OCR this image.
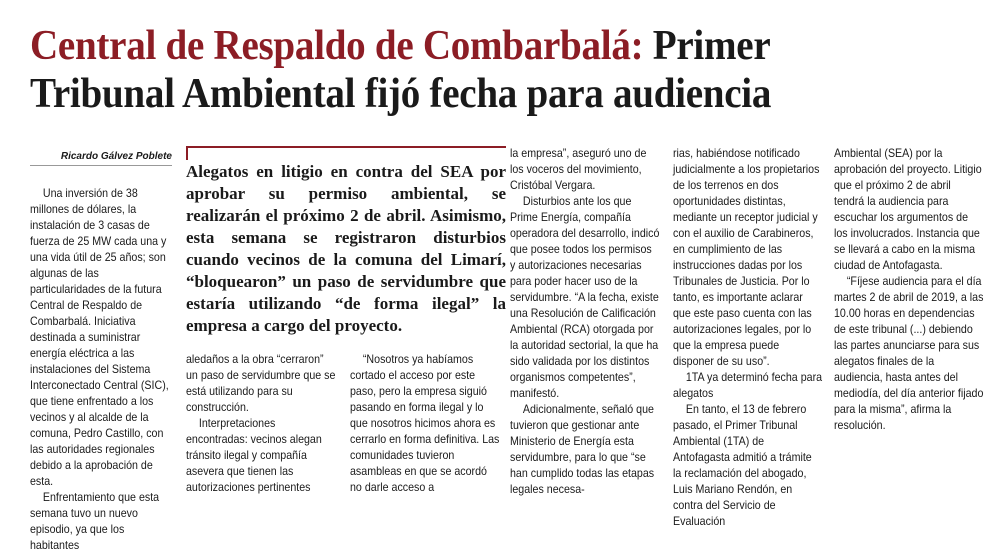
Central de Respaldo de Combarbalá: Primer
Tribunal Ambiental fijó fecha para audiencia
Ricardo Gálvez Poblete

Alegatos en litigio en contra del SEA por aprobar su permiso ambiental, se realizarán el próximo 2 de abril. Asimismo, esta semana se registraron disturbios cuando vecinos de la comuna del Limarí, “bloquearon” un paso de servidumbre que estaría utilizando “de forma ilegal” la empresa a cargo del proyecto.

Una inversión de 38 millones de dólares, la instalación de 3 casas de fuerza de 25 MW cada una y una vida útil de 25 años; son algunas de las particularidades de la futura Central de Respaldo de Combarbalá. Iniciativa destinada a suministrar energía eléctrica a las instalaciones del Sistema Interconectado Central (SIC), que tiene enfrentado a los vecinos y al alcalde de la comuna, Pedro Castillo, con las autoridades regionales debido a la aprobación de esta.

Enfrentamiento que esta semana tuvo un nuevo episodio, ya que los habitantes

aledaños a la obra “cerraron” un paso de servidumbre que se está utilizando para su construcción.

Interpretaciones encontradas: vecinos alegan tránsito ilegal y compañía asevera que tienen las autorizaciones pertinentes

“Nosotros ya habíamos cortado el acceso por este paso, pero la empresa siguió pasando en forma ilegal y lo que nosotros hicimos ahora es cerrarlo en forma definitiva. Las comunidades tuvieron asambleas en que se acordó no darle acceso a

la empresa”, aseguró uno de los voceros del movimiento, Cristóbal Vergara.

Disturbios ante los que Prime Energía, compañía operadora del desarrollo, indicó que posee todos los permisos y autorizaciones necesarias para poder hacer uso de la servidumbre. “A la fecha, existe una Resolución de Calificación Ambiental (RCA) otorgada por la autoridad sectorial, la que ha sido validada por los distintos organismos competentes”, manifestó.

Adicionalmente, señaló que tuvieron que gestionar ante Ministerio de Energía esta servidumbre, para lo que “se han cumplido todas las etapas legales necesa-

rias, habiéndose notificado judicialmente a los propietarios de los terrenos en dos oportunidades distintas, mediante un receptor judicial y con el auxilio de Carabineros, en cumplimiento de las instrucciones dadas por los Tribunales de Justicia. Por lo tanto, es importante aclarar que este paso cuenta con las autorizaciones legales, por lo que la empresa puede disponer de su uso”.

1TA ya determinó fecha para alegatos

En tanto, el 13 de febrero pasado, el Primer Tribunal Ambiental (1TA) de Antofagasta admitió a trámite la reclamación del abogado, Luis Mariano Rendón, en contra del Servicio de Evaluación

Ambiental (SEA) por la aprobación del proyecto. Litigio que el próximo 2 de abril tendrá la audiencia para escuchar los argumentos de los involucrados. Instancia que se llevará a cabo en la misma ciudad de Antofagasta.

“Fíjese audiencia para el día martes 2 de abril de 2019, a las 10.00 horas en dependencias de este tribunal (...) debiendo las partes anunciarse para sus alegatos finales de la audiencia, hasta antes del mediodía, del día anterior fijado para la misma”, afirma la resolución.
